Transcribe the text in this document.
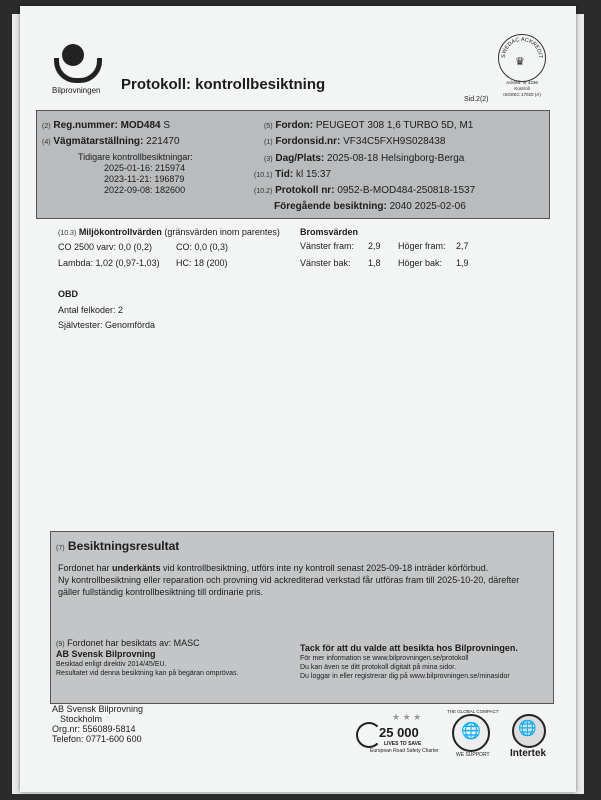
Bilprovningen Protokoll: kontrollbesiktning
SWEDAC ACKREDIT
♛
Ackred. nr 4236
Kontroll
ISO/IEC 17020 (A)
Sid.2(2)
(2) Reg.nummer: MOD484 S
(4) Vägmätarställning: 221470
Tidigare kontrollbesiktningar:
2025-01-16: 215974
2023-11-21: 196879
2022-09-08: 182600
(5) Fordon: PEUGEOT 308 1,6 TURBO 5D, M1
(1) Fordonsid.nr: VF34C5FXH9S028438
(3) Dag/Plats: 2025-08-18 Helsingborg-Berga
(10.1) Tid: kl 15:37
(10.2) Protokoll nr: 0952-B-MOD484-250818-1537
Föregående besiktning: 2040 2025-02-06
(10.3) Miljökontrollvärden (gränsvärden inom parentes)
CO 2500 varv: 0,0 (0,2)	CO: 0,0 (0,3)
Lambda: 1,02 (0,97-1,03) HC: 18 (200)
Bromsvärden
Vänster fram: 2,9 Höger fram: 2,7
Vänster bak: 1,8 Höger bak: 1,9
OBD
Antal felkoder: 2
Självtester: Genomförda
(7) Besiktningsresultat
Fordonet har underkänts vid kontrollbesiktning, utförs inte ny kontroll senast 2025-09-18 inträder körförbud.
Ny kontrollbesiktning eller reparation och provning vid ackrediterad verkstad får utföras fram till 2025-10-20, därefter
gäller fullständig kontrollbesiktning till ordinarie pris.
(9) Fordonet har besiktats av: MASC
AB Svensk Bilprovning
Besiktad enligt direktiv 2014/45/EU.
Resultatet vid denna besiktning kan på begäran omprövas.
Tack för att du valde att besikta hos Bilprovningen.
För mer information se www.bilprovningen.se/protokoll
Du kan även se ditt protokoll digitalt på mina sidor.
Du loggar in eller registrerar dig på www.bilprovningen.se/minasidor
AB Svensk Bilprovning
Stockholm
Org.nr: 556089-5814
Telefon: 0771-600 600
★ ★ ★
25 000
LIVES TO SAVE
European Road Safety Charter
🌐
THE GLOBAL COMPACT
WE SUPPORT
🌐
Intertek
